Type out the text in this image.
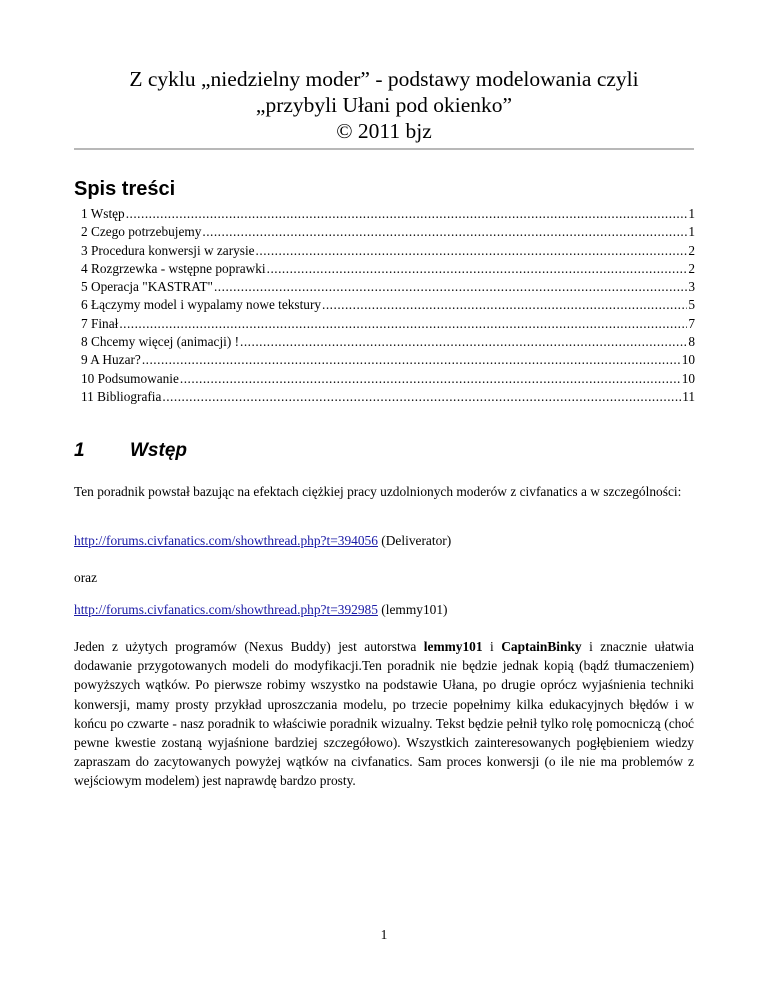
Z cyklu „niedzielny moder” - podstawy modelowania czyli
„przybyli Ułani pod okienko”
© 2011 bjz
Spis treści
1 Wstęp .....	1
2 Czego potrzebujemy .....	1
3 Procedura konwersji w zarysie .....	2
4 Rozgrzewka - wstępne poprawki .....	2
5 Operacja "KASTRAT" .....	3
6 Łączymy model i wypalamy nowe tekstury .....	5
7 Finał .....	7
8 Chcemy więcej (animacji) ! .....	8
9 A Huzar? .....	10
10 Podsumowanie .....	10
11 Bibliografia .....	11
1	Wstęp

Ten poradnik powstał bazując na efektach ciężkiej pracy uzdolnionych moderów z civfanatics a w szczególności:

http://forums.civfanatics.com/showthread.php?t=394056 (Deliverator)
oraz
http://forums.civfanatics.com/showthread.php?t=392985 (lemmy101)

Jeden z użytych programów (Nexus Buddy) jest autorstwa lemmy101 i CaptainBinky i znacznie ułatwia dodawanie przygotowanych modeli do modyfikacji.Ten poradnik nie będzie jednak kopią (bądź tłumaczeniem) powyższych wątków. Po pierwsze robimy wszystko na podstawie Ułana, po drugie oprócz wyjaśnienia techniki konwersji, mamy prosty przykład uproszczania modelu, po trzecie popełnimy kilka edukacyjnych błędów i w końcu po czwarte - nasz poradnik to właściwie poradnik wizualny. Tekst będzie pełnił tylko rolę pomocniczą (choć pewne kwestie zostaną wyjaśnione bardziej szczegółowo). Wszystkich zainteresowanych pogłębieniem wiedzy zapraszam do zacytowanych powyżej wątków na civfanatics. Sam proces konwersji (o ile nie ma problemów z wejściowym modelem) jest naprawdę bardzo prosty.

1
